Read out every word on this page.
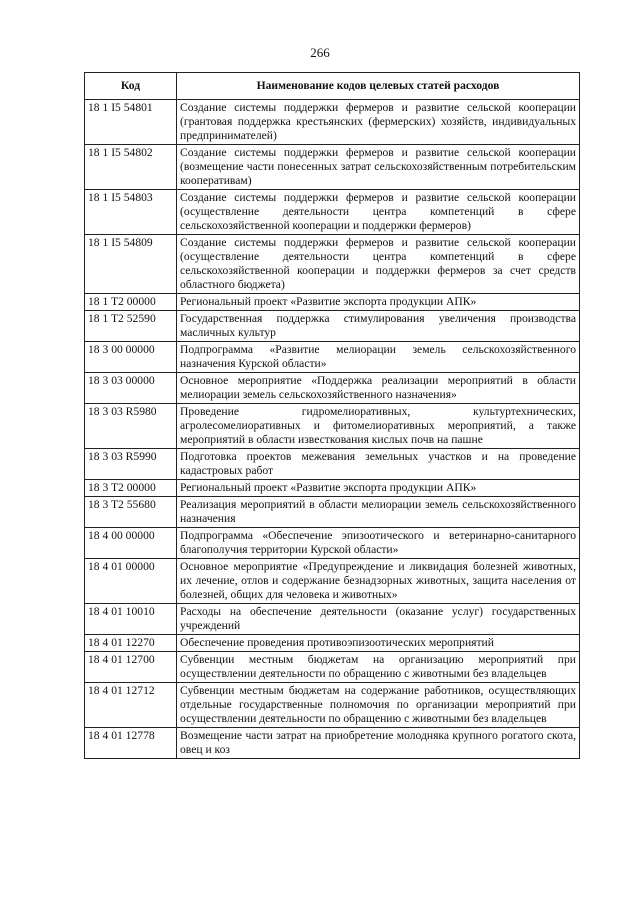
266
Код	Наименование кодов целевых статей расходов
18 1 I5 54801	Создание системы поддержки фермеров и развитие сельской кооперации (грантовая поддержка крестьянских (фермерских) хозяйств, индивидуальных предпринимателей)
18 1 I5 54802	Создание системы поддержки фермеров и развитие сельской кооперации (возмещение части понесенных затрат сельскохозяйственным потребительским кооперативам)
18 1 I5 54803	Создание системы поддержки фермеров и развитие сельской кооперации (осуществление деятельности центра компетенций в сфере сельскохозяйственной кооперации и поддержки фермеров)
18 1 I5 54809	Создание системы поддержки фермеров и развитие сельской кооперации (осуществление деятельности центра компетенций в сфере сельскохозяйственной кооперации и поддержки фермеров за счет средств областного бюджета)
18 1 T2 00000	Региональный проект «Развитие экспорта продукции АПК»
18 1 T2 52590	Государственная поддержка стимулирования увеличения производства масличных культур
18 3 00 00000	Подпрограмма «Развитие мелиорации земель сельскохозяйственного назначения Курской области»
18 3 03 00000	Основное мероприятие «Поддержка реализации мероприятий в области мелиорации земель сельскохозяйственного назначения»
18 3 03 R5980	Проведение гидромелиоративных, культуртехнических, агролесомелиоративных и фитомелиоративных мероприятий, а также мероприятий в области известкования кислых почв на пашне
18 3 03 R5990	Подготовка проектов межевания земельных участков и на проведение кадастровых работ
18 3 T2 00000	Региональный проект «Развитие экспорта продукции АПК»
18 3 T2 55680	Реализация мероприятий в области мелиорации земель сельскохозяйственного назначения
18 4 00 00000	Подпрограмма «Обеспечение эпизоотического и ветеринарно-санитарного благополучия территории Курской области»
18 4 01 00000	Основное мероприятие «Предупреждение и ликвидация болезней животных, их лечение, отлов и содержание безнадзорных животных, защита населения от болезней, общих для человека и животных»
18 4 01 10010	Расходы на обеспечение деятельности (оказание услуг) государственных учреждений
18 4 01 12270	Обеспечение проведения противоэпизоотических мероприятий
18 4 01 12700	Субвенции местным бюджетам на организацию мероприятий при осуществлении деятельности по обращению с животными без владельцев
18 4 01 12712	Субвенции местным бюджетам на содержание работников, осуществляющих отдельные государственные полномочия по организации мероприятий при осуществлении деятельности по обращению с животными без владельцев
18 4 01 12778	Возмещение части затрат на приобретение молодняка крупного рогатого скота, овец и коз
